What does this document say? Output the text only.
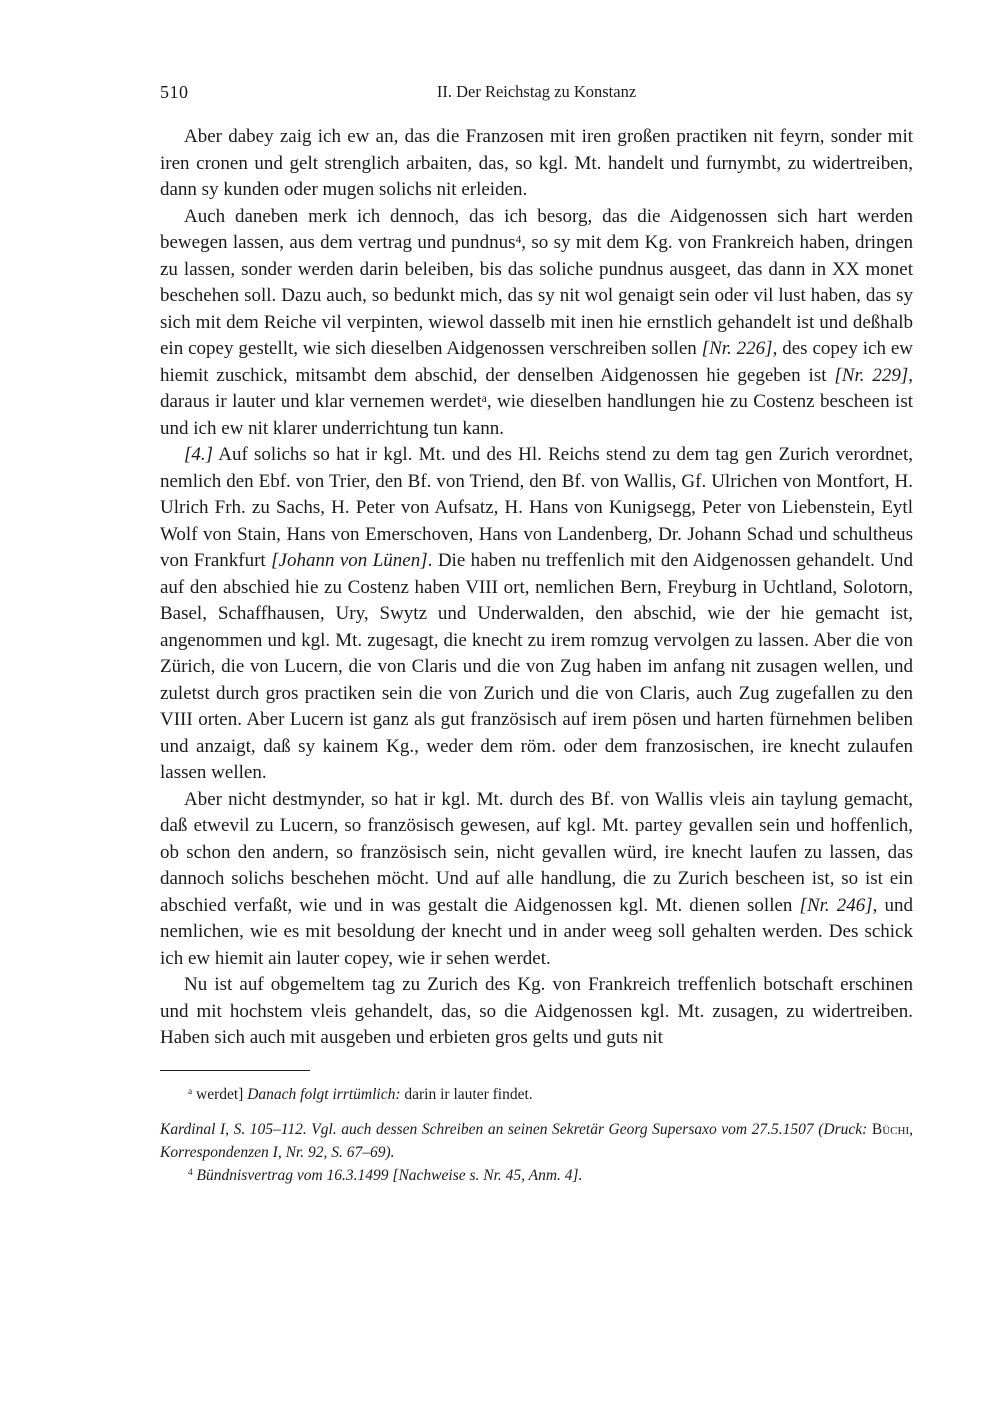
510	II. Der Reichstag zu Konstanz

Aber dabey zaig ich ew an, das die Franzosen mit iren großen practiken nit feyrn, sonder mit iren cronen und gelt strenglich arbaiten, das, so kgl. Mt. handelt und furnymbt, zu widertreiben, dann sy kunden oder mugen solichs nit erleiden.

Auch daneben merk ich dennoch, das ich besorg, das die Aidgenossen sich hart werden bewegen lassen, aus dem vertrag und pundnus$^4$, so sy mit dem Kg. von Frankreich haben, dringen zu lassen, sonder werden darin beleiben, bis das soliche pundnus ausgeet, das dann in XX monet beschehen soll. Dazu auch, so bedunkt mich, das sy nit wol genaigt sein oder vil lust haben, das sy sich mit dem Reiche vil verpinten, wiewol dasselb mit inen hie ernstlich gehandelt ist und deßhalb ein copey gestellt, wie sich dieselben Aidgenossen verschreiben sollen [Nr. 226], des copey ich ew hiemit zuschick, mitsambt dem abschid, der denselben Aidgenossen hie gegeben ist [Nr. 229], daraus ir lauter und klar vernemen werdet$^a$, wie dieselben handlungen hie zu Costenz bescheen ist und ich ew nit klarer underrichtung tun kann.

[4.] Auf solichs so hat ir kgl. Mt. und des Hl. Reichs stend zu dem tag gen Zurich verordnet, nemlich den Ebf. von Trier, den Bf. von Triend, den Bf. von Wallis, Gf. Ulrichen von Montfort, H. Ulrich Frh. zu Sachs, H. Peter von Aufsatz, H. Hans von Kunigsegg, Peter von Liebenstein, Eytl Wolf von Stain, Hans von Emerschoven, Hans von Landenberg, Dr. Johann Schad und schultheus von Frankfurt [Johann von Lünen]. Die haben nu treffenlich mit den Aidgenossen gehandelt. Und auf den abschied hie zu Costenz haben VIII ort, nemlichen Bern, Freyburg in Uchtland, Solotorn, Basel, Schaffhausen, Ury, Swytz und Underwalden, den abschid, wie der hie gemacht ist, angenommen und kgl. Mt. zugesagt, die knecht zu irem romzug vervolgen zu lassen. Aber die von Zürich, die von Lucern, die von Claris und die von Zug haben im anfang nit zusagen wellen, und zuletst durch gros practiken sein die von Zurich und die von Claris, auch Zug zugefallen zu den VIII orten. Aber Lucern ist ganz als gut französisch auf irem pösen und harten fürnehmen beliben und anzaigt, daß sy kainem Kg., weder dem röm. oder dem franzosischen, ire knecht zulaufen lassen wellen.

Aber nicht destmynder, so hat ir kgl. Mt. durch des Bf. von Wallis vleis ain taylung gemacht, daß etwevil zu Lucern, so französisch gewesen, auf kgl. Mt. partey gevallen sein und hoffenlich, ob schon den andern, so französisch sein, nicht gevallen würd, ire knecht laufen zu lassen, das dannoch solichs beschehen möcht. Und auf alle handlung, die zu Zurich bescheen ist, so ist ein abschied verfaßt, wie und in was gestalt die Aidgenossen kgl. Mt. dienen sollen [Nr. 246], und nemlichen, wie es mit besoldung der knecht und in ander weeg soll gehalten werden. Des schick ich ew hiemit ain lauter copey, wie ir sehen werdet.

Nu ist auf obgemeltem tag zu Zurich des Kg. von Frankreich treffenlich botschaft erschinen und mit hochstem vleis gehandelt, das, so die Aidgenossen kgl. Mt. zusagen, zu widertreiben. Haben sich auch mit ausgeben und erbieten gros gelts und guts nit

$^a$ werdet] Danach folgt irrtümlich: darin ir lauter findet.

Kardinal I, S. 105–112. Vgl. auch dessen Schreiben an seinen Sekretär Georg Supersaxo vom 27.5.1507 (Druck: Büchi, Korrespondenzen I, Nr. 92, S. 67–69).

$^4$ Bündnisvertrag vom 16.3.1499 [Nachweise s. Nr. 45, Anm. 4].
